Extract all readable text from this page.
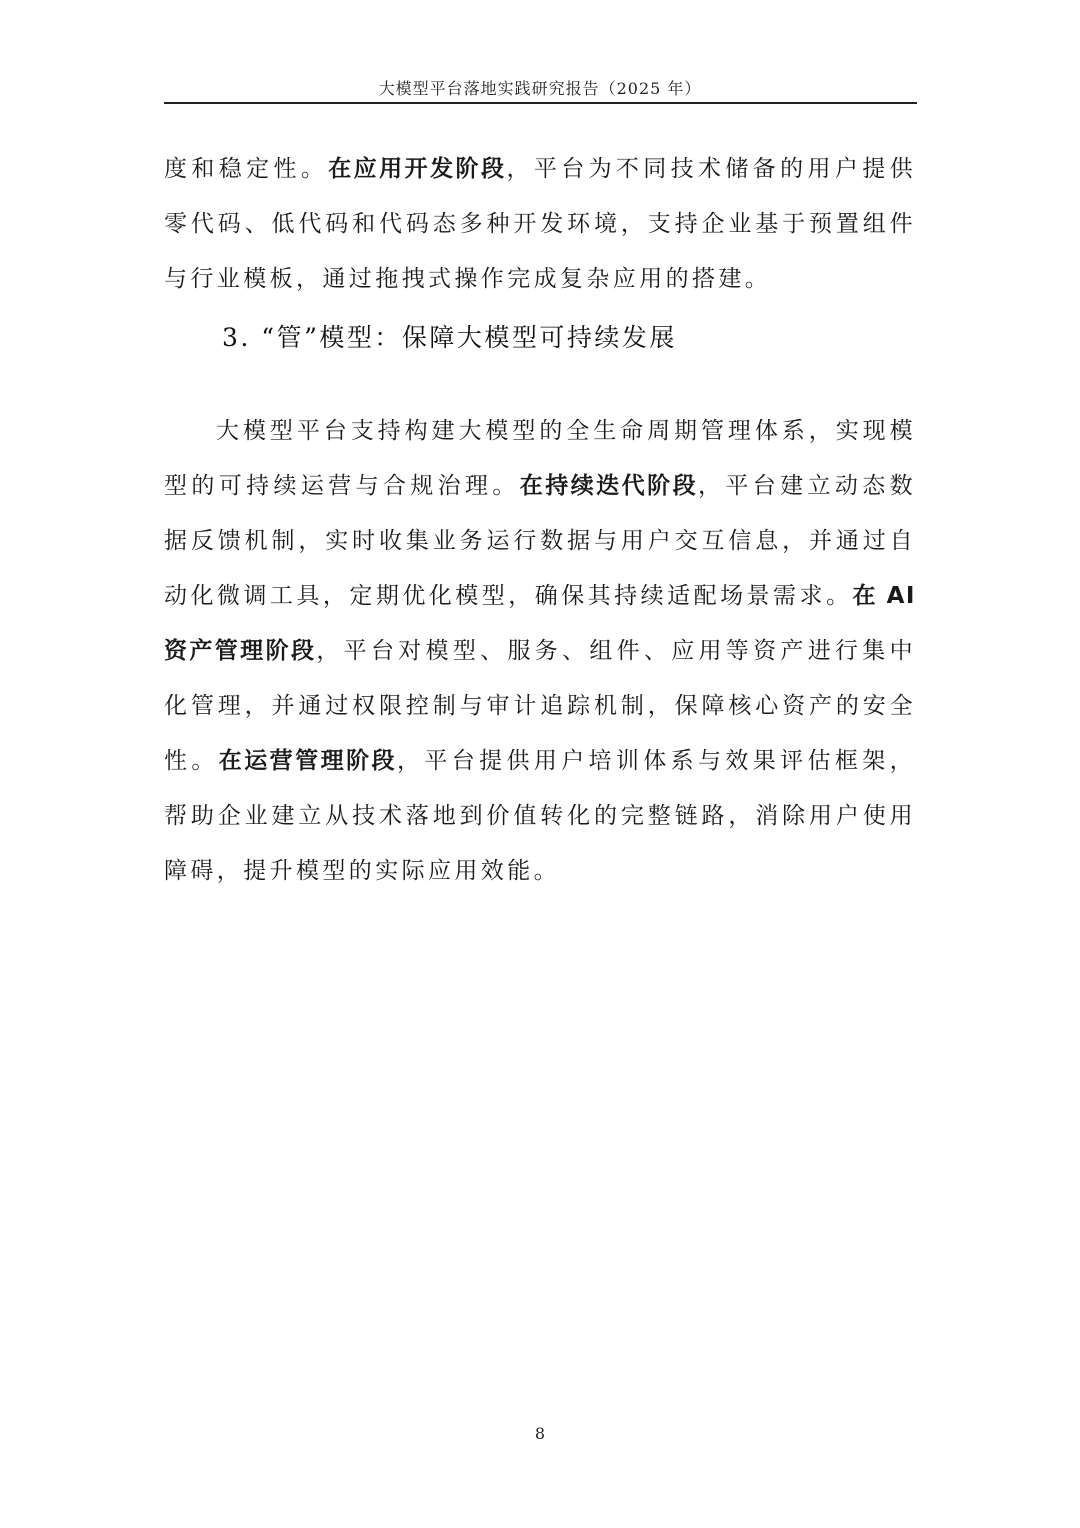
大模型平台落地实践研究报告（2025 年）
度和稳定性。在应用开发阶段，平台为不同技术储备的用户提供零代码、低代码和代码态多种开发环境，支持企业基于预置组件与行业模板，通过拖拽式操作完成复杂应用的搭建。
3. “管”模型：保障大模型可持续发展
大模型平台支持构建大模型的全生命周期管理体系，实现模型的可持续运营与合规治理。在持续迭代阶段，平台建立动态数据反馈机制，实时收集业务运行数据与用户交互信息，并通过自动化微调工具，定期优化模型，确保其持续适配场景需求。在 AI 资产管理阶段，平台对模型、服务、组件、应用等资产进行集中化管理，并通过权限控制与审计追踪机制，保障核心资产的安全性。在运营管理阶段，平台提供用户培训体系与效果评估框架，帮助企业建立从技术落地到价值转化的完整链路，消除用户使用障碍，提升模型的实际应用效能。
8
